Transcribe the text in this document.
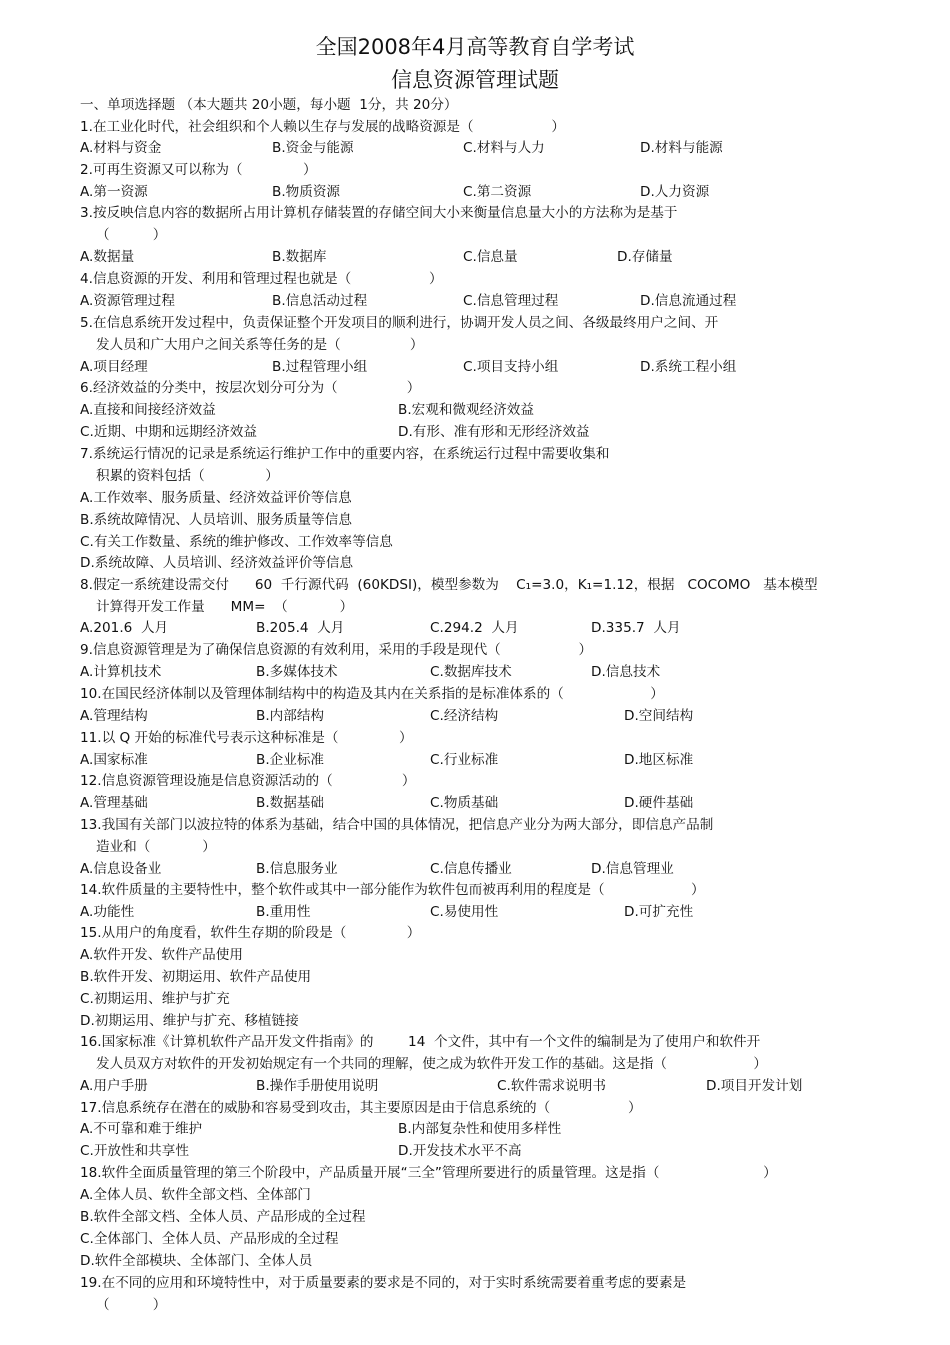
全国2008年4月高等教育自学考试
信息资源管理试题
一、单项选择题 （本大题共 20小题，每小题  1分，共 20分）
1.在工业化时代，社会组织和个人赖以生存与发展的战略资源是（                  ）
A.材料与资金	B.资金与能源	C.材料与人力	D.材料与能源
2.可再生资源又可以称为（              ）
A.第一资源	B.物质资源	C.第二资源	D.人力资源
3.按反映信息内容的数据所占用计算机存储装置的存储空间大小来衡量信息量大小的方法称为是基于
（          ）
A.数据量	B.数据库	C.信息量	D.存储量
4.信息资源的开发、利用和管理过程也就是（                  ）
A.资源管理过程	B.信息活动过程	C.信息管理过程	D.信息流通过程
5.在信息系统开发过程中，负责保证整个开发项目的顺利进行，协调开发人员之间、各级最终用户之间、开
发人员和广大用户之间关系等任务的是（                ）
A.项目经理	B.过程管理小组	C.项目支持小组	D.系统工程小组
6.经济效益的分类中，按层次划分可分为（                ）
A.直接和间接经济效益	B.宏观和微观经济效益
C.近期、中期和远期经济效益	D.有形、准有形和无形经济效益
7.系统运行情况的记录是系统运行维护工作中的重要内容，在系统运行过程中需要收集和
积累的资料包括（              ）
A.工作效率、服务质量、经济效益评价等信息
B.系统故障情况、人员培训、服务质量等信息
C.有关工作数量、系统的维护修改、工作效率等信息
D.系统故障、人员培训、经济效益评价等信息
8.假定一系统建设需交付      60  千行源代码  (60KDSI)，模型参数为    C₁=3.0，K₁=1.12，根据   COCOMO   基本模型
计算得开发工作量      MM=  （            ）
A.201.6  人月	B.205.4  人月	C.294.2  人月	D.335.7  人月
9.信息资源管理是为了确保信息资源的有效利用，采用的手段是现代（                  ）
A.计算机技术	B.多媒体技术	C.数据库技术	D.信息技术
10.在国民经济体制以及管理体制结构中的构造及其内在关系指的是标准体系的（                    ）
A.管理结构	B.内部结构	C.经济结构	D.空间结构
11.以 Q 开始的标准代号表示这种标准是（              ）
A.国家标准	B.企业标准	C.行业标准	D.地区标准
12.信息资源管理设施是信息资源活动的（                ）
A.管理基础	B.数据基础	C.物质基础	D.硬件基础
13.我国有关部门以波拉特的体系为基础，结合中国的具体情况，把信息产业分为两大部分，即信息产品制
造业和（            ）
A.信息设备业	B.信息服务业	C.信息传播业	D.信息管理业
14.软件质量的主要特性中，整个软件或其中一部分能作为软件包而被再利用的程度是（                    ）
A.功能性	B.重用性	C.易使用性	D.可扩充性
15.从用户的角度看，软件生存期的阶段是（              ）
A.软件开发、软件产品使用
B.软件开发、初期运用、软件产品使用
C.初期运用、维护与扩充
D.初期运用、维护与扩充、移植链接
16.国家标准《计算机软件产品开发文件指南》的        14  个文件，其中有一个文件的编制是为了使用户和软件开
发人员双方对软件的开发初始规定有一个共同的理解，使之成为软件开发工作的基础。这是指（                    ）
A.用户手册	B.操作手册使用说明	C.软件需求说明书	D.项目开发计划
17.信息系统存在潜在的威胁和容易受到攻击，其主要原因是由于信息系统的（                  ）
A.不可靠和难于维护	B.内部复杂性和使用多样性
C.开放性和共享性	D.开发技术水平不高
18.软件全面质量管理的第三个阶段中，产品质量开展“三全”管理所要进行的质量管理。这是指（                        ）
A.全体人员、软件全部文档、全体部门
B.软件全部文档、全体人员、产品形成的全过程
C.全体部门、全体人员、产品形成的全过程
D.软件全部模块、全体部门、全体人员
19.在不同的应用和环境特性中，对于质量要素的要求是不同的，对于实时系统需要着重考虑的要素是
（          ）
